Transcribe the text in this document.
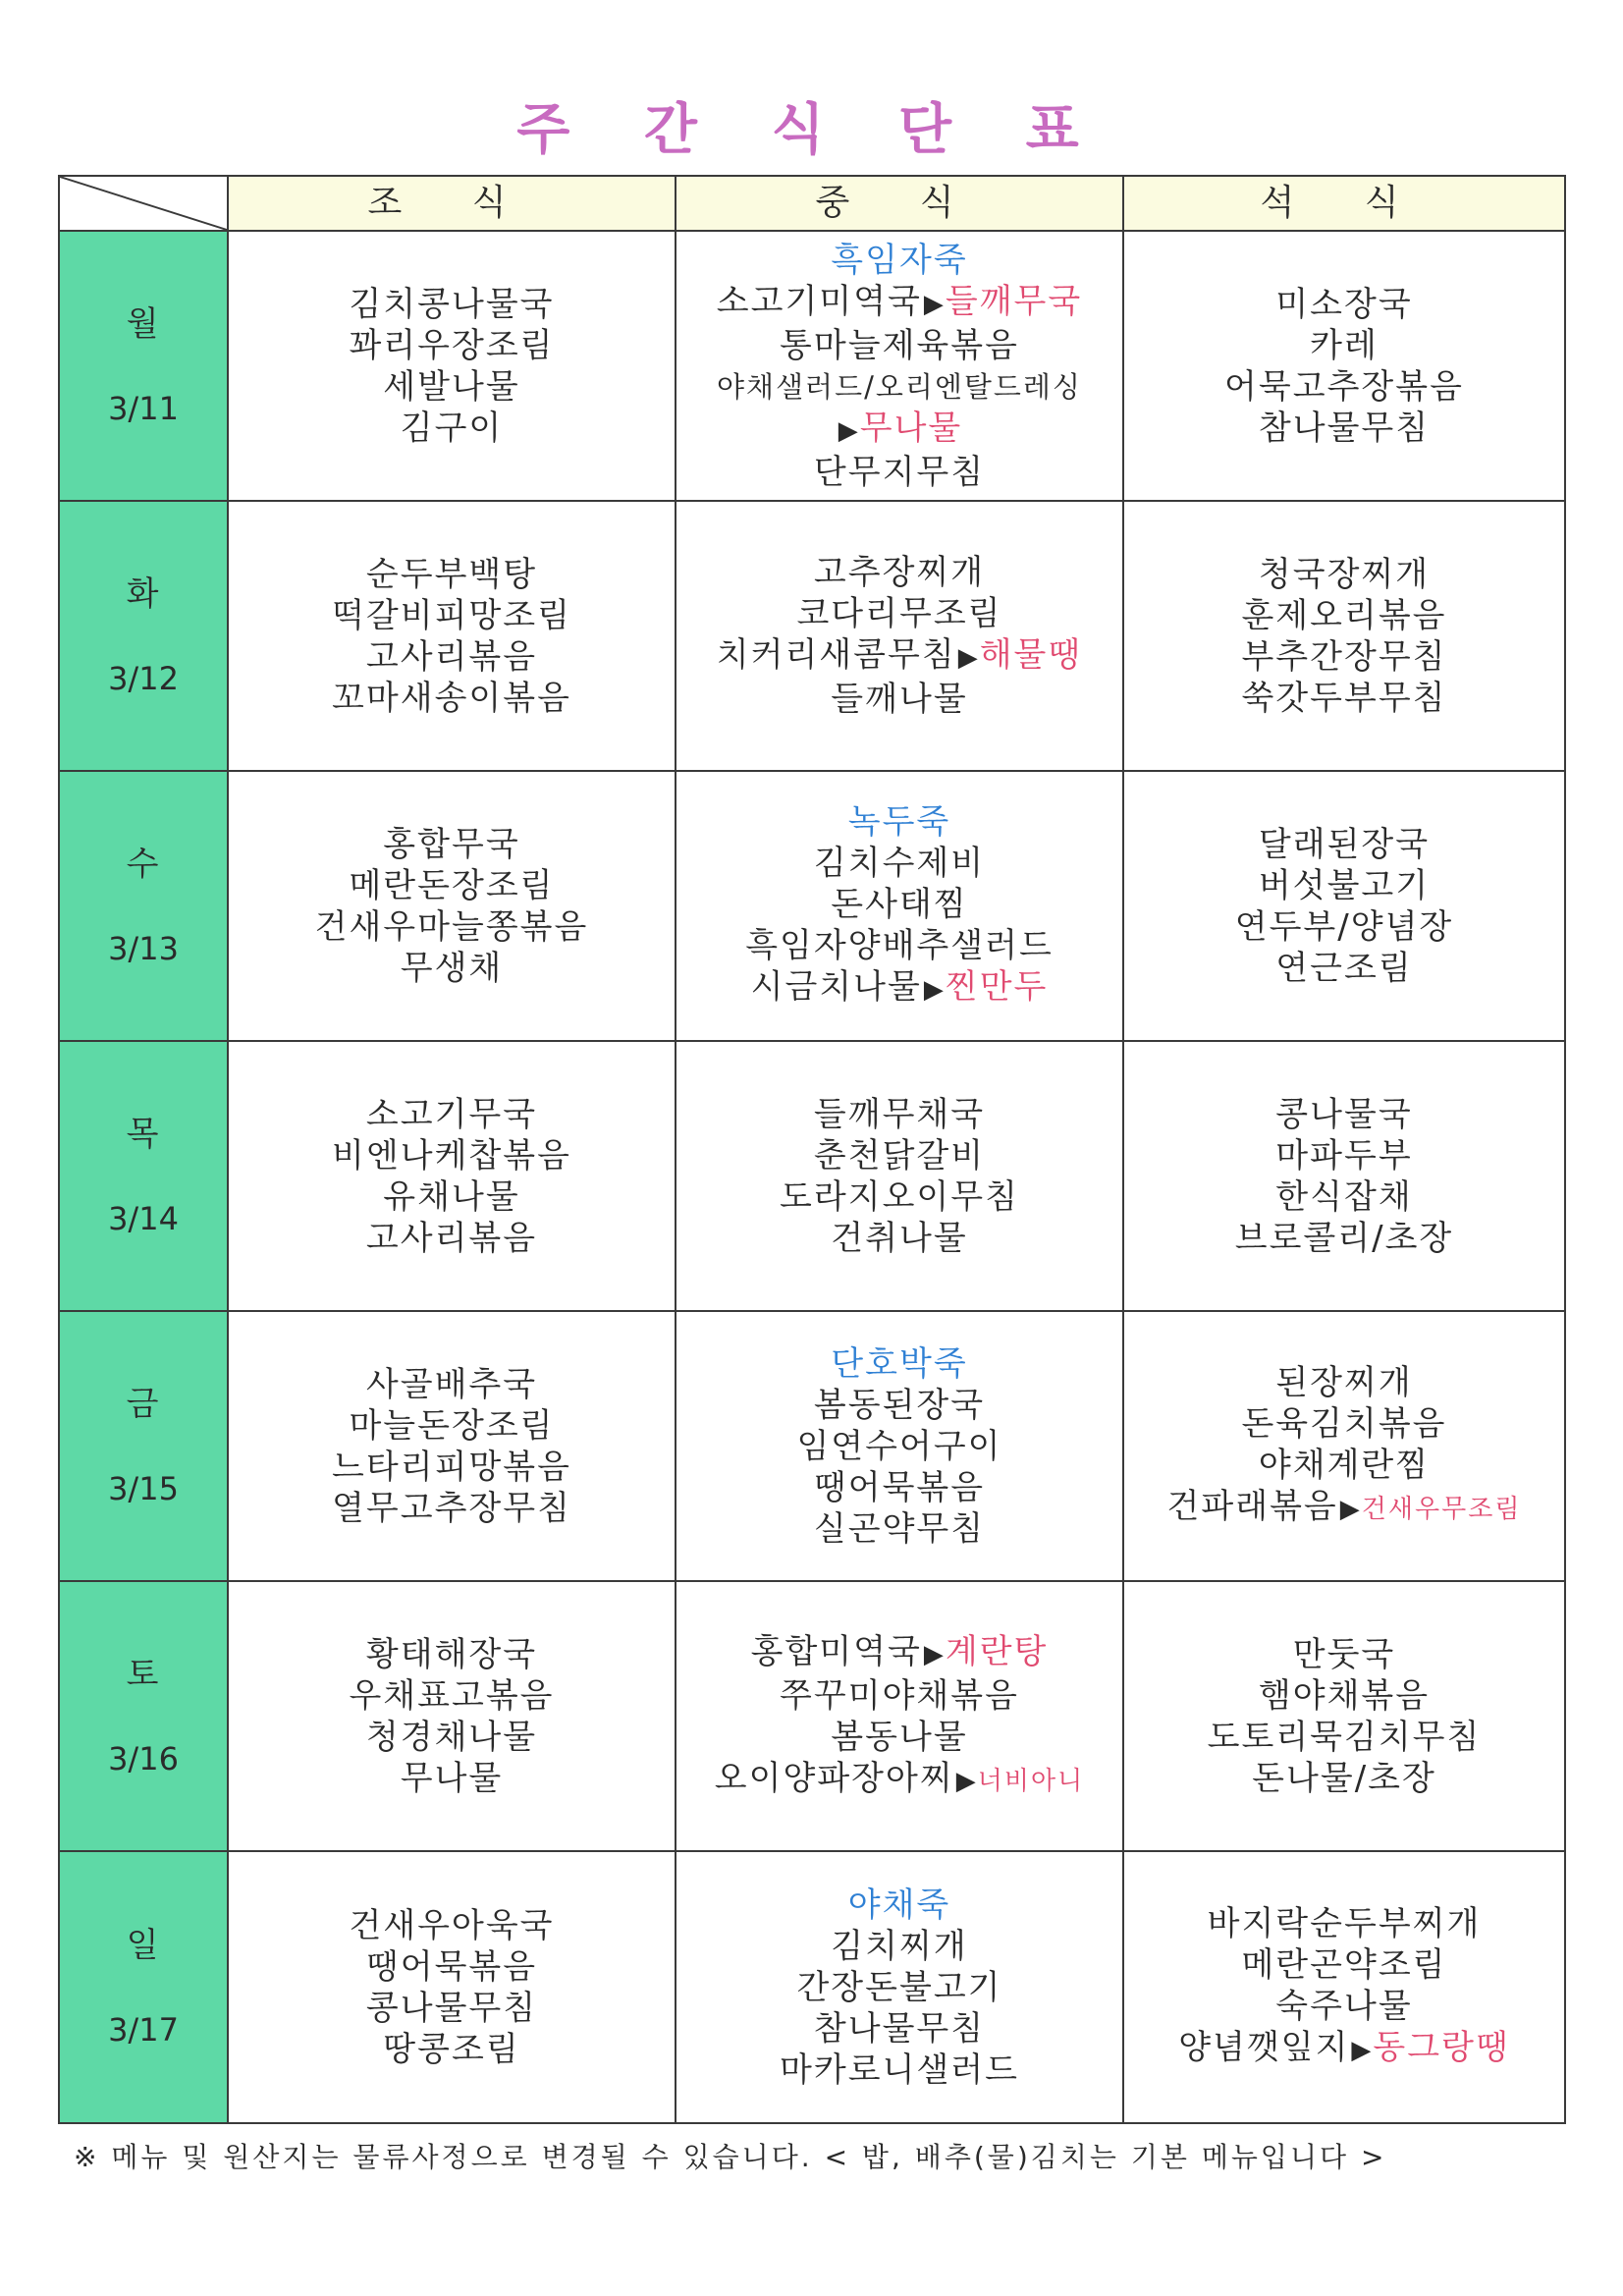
주 간 식 단 표
조 식	중 식	석 식
월
3/11
김치콩나물국
꽈리우장조림
세발나물
김구이
흑임자죽
소고기미역국▶들깨무국
통마늘제육볶음
야채샐러드/오리엔탈드레싱
▶무나물
단무지무침
미소장국
카레
어묵고추장볶음
참나물무침
화
3/12
순두부백탕
떡갈비피망조림
고사리볶음
꼬마새송이볶음
고추장찌개
코다리무조림
치커리새콤무침▶해물땡
들깨나물
청국장찌개
훈제오리볶음
부추간장무침
쑥갓두부무침
수
3/13
홍합무국
메란돈장조림
건새우마늘쫑볶음
무생채
녹두죽
김치수제비
돈사태찜
흑임자양배추샐러드
시금치나물▶찐만두
달래된장국
버섯불고기
연두부/양념장
연근조림
목
3/14
소고기무국
비엔나케찹볶음
유채나물
고사리볶음
들깨무채국
춘천닭갈비
도라지오이무침
건취나물
콩나물국
마파두부
한식잡채
브로콜리/초장
금
3/15
사골배추국
마늘돈장조림
느타리피망볶음
열무고추장무침
단호박죽
봄동된장국
임연수어구이
땡어묵볶음
실곤약무침
된장찌개
돈육김치볶음
야채계란찜
건파래볶음▶건새우무조림
토
3/16
황태해장국
우채표고볶음
청경채나물
무나물
홍합미역국▶계란탕
쭈꾸미야채볶음
봄동나물
오이양파장아찌▶너비아니
만둣국
햄야채볶음
도토리묵김치무침
돈나물/초장
일
3/17
건새우아욱국
땡어묵볶음
콩나물무침
땅콩조림
야채죽
김치찌개
간장돈불고기
참나물무침
마카로니샐러드
바지락순두부찌개
메란곤약조림
숙주나물
양념깻잎지▶동그랑땡
※ 메뉴 및 원산지는 물류사정으로 변경될 수 있습니다. < 밥, 배추(물)김치는 기본 메뉴입니다 >
